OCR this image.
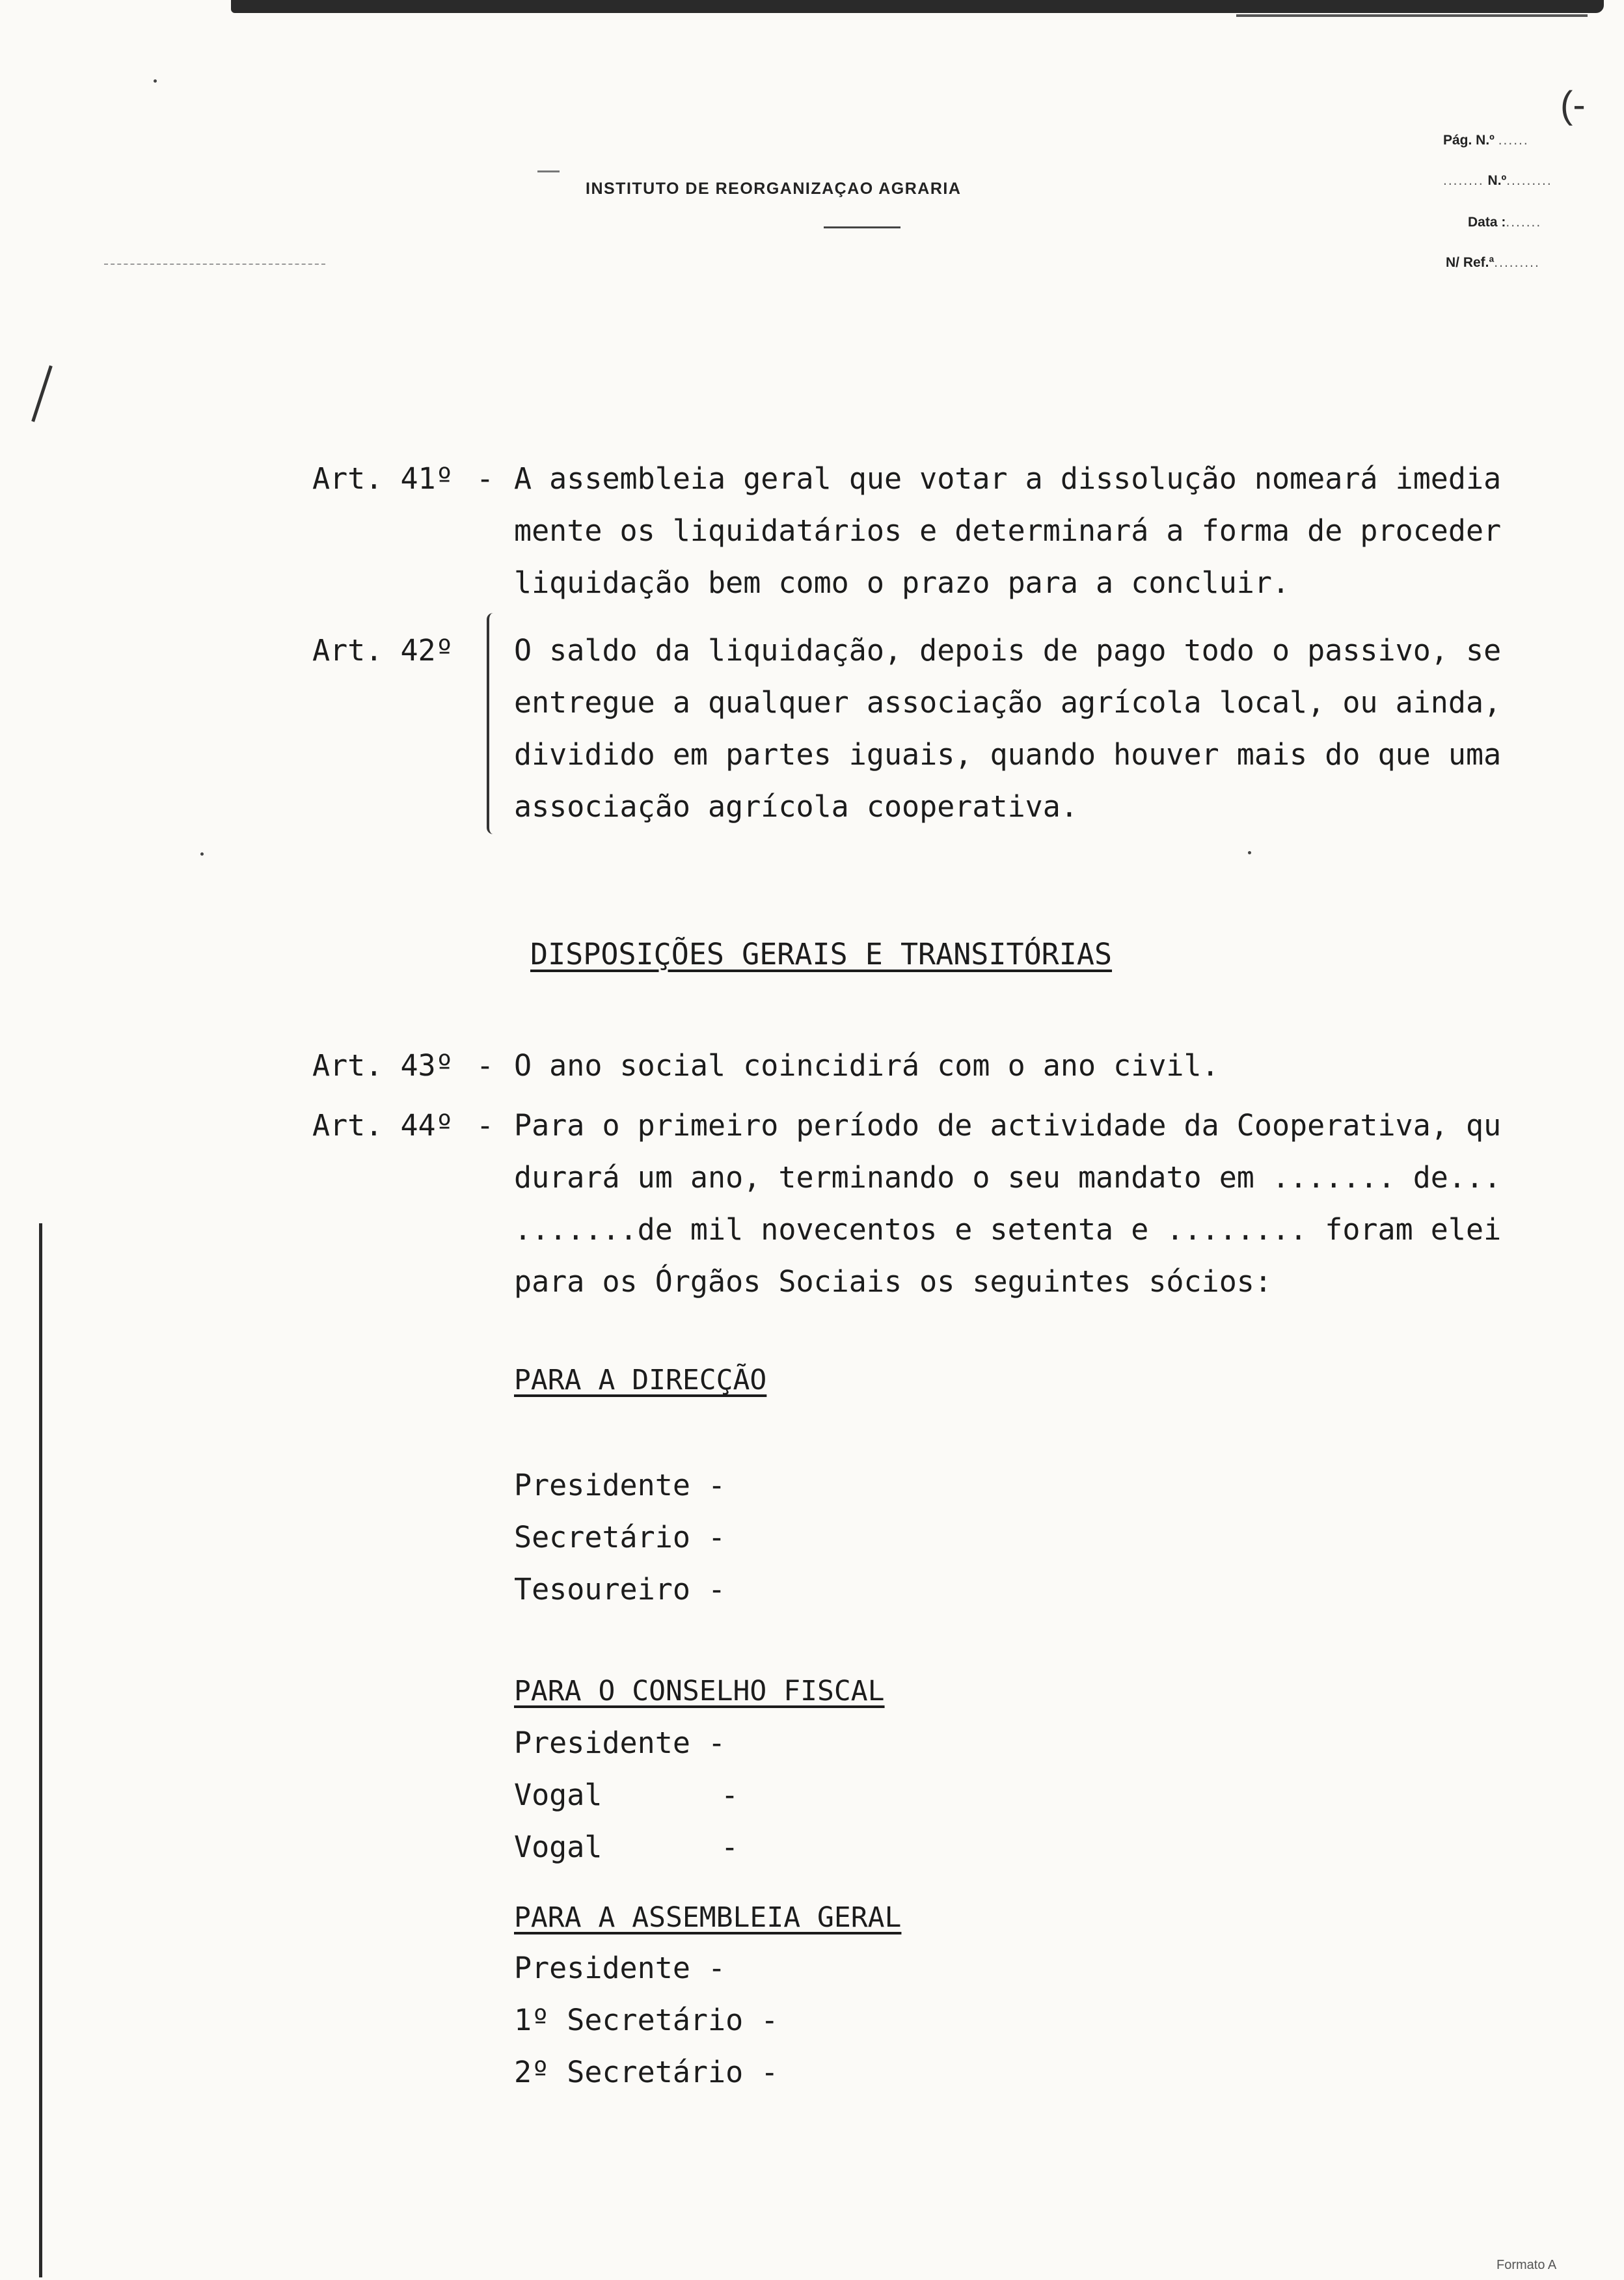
INSTITUTO DE REORGANIZAÇAO AGRARIA
(-
Pág. N.º ......
........ N.º.........
Data :.......
N/ Ref.ª.........
Art. 41º - A assembleia geral que votar a dissolução nomeará imedia
mente os liquidatários e determinará a forma de proceder
liquidação bem como o prazo para a concluir.
Art. 42º O saldo da liquidação, depois de pago todo o passivo, se
entregue a qualquer associação agrícola local, ou ainda,
dividido em partes iguais, quando houver mais do que uma
associação agrícola cooperativa.
DISPOSIÇÕES GERAIS E TRANSITÓRIAS
Art. 43º - O ano social coincidirá com o ano civil.
Art. 44º - Para o primeiro período de actividade da Cooperativa, qu
durará um ano, terminando o seu mandato em ....... de...
.......de mil novecentos e setenta e ........ foram elei
para os Órgãos Sociais os seguintes sócios:
PARA A DIRECÇÃO
Presidente -
Secretário -
Tesoureiro -
PARA O CONSELHO FISCAL
Presidente -
Vogal	-
Vogal	-
PARA A ASSEMBLEIA GERAL
Presidente -
1º Secretário -
2º Secretário -
Formato A
